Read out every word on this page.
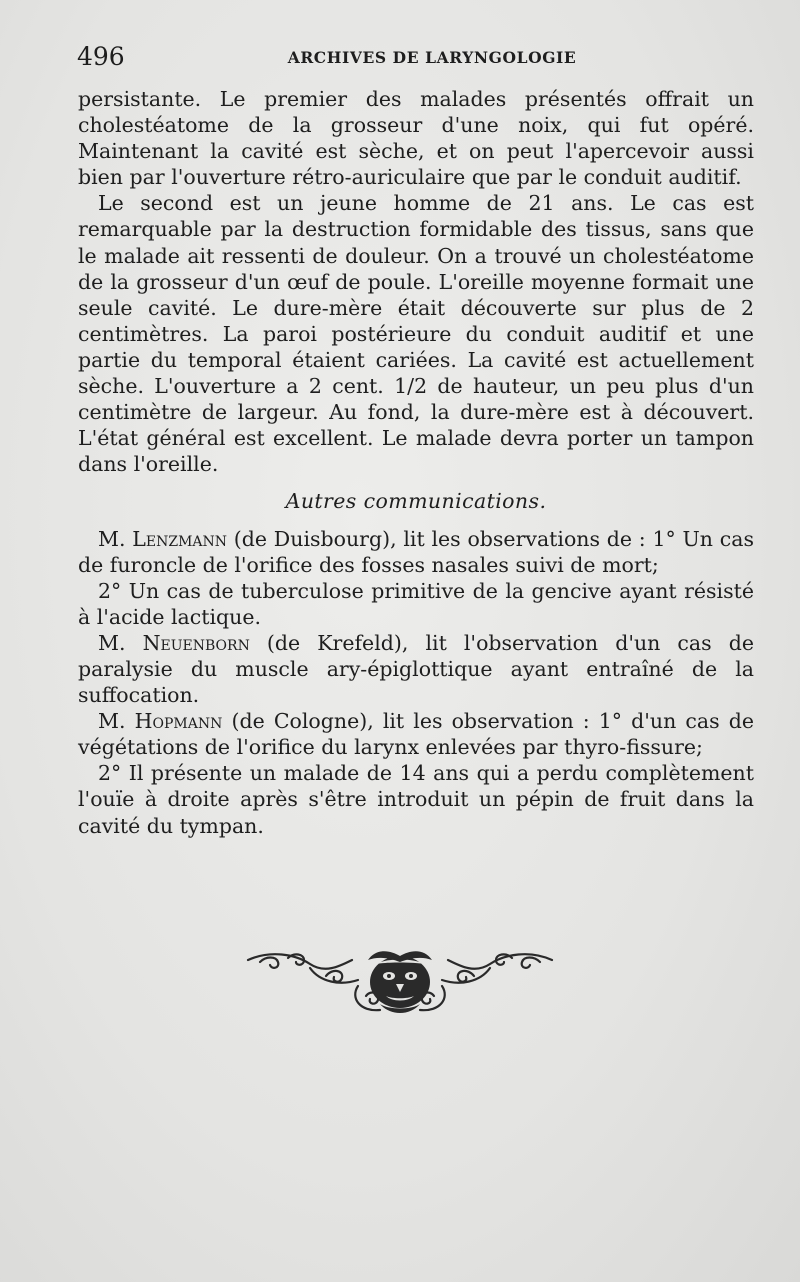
496	ARCHIVES DE LARYNGOLOGIE

persistante. Le premier des malades présentés offrait un cholestéatome de la grosseur d'une noix, qui fut opéré. Maintenant la cavité est sèche, et on peut l'apercevoir aussi bien par l'ouverture rétro-auriculaire que par le conduit auditif.

Le second est un jeune homme de 21 ans. Le cas est remarquable par la destruction formidable des tissus, sans que le malade ait ressenti de douleur. On a trouvé un cholestéatome de la grosseur d'un œuf de poule. L'oreille moyenne formait une seule cavité. Le dure-mère était découverte sur plus de 2 centimètres. La paroi postérieure du conduit auditif et une partie du temporal étaient cariées. La cavité est actuellement sèche. L'ouverture a 2 cent. 1/2 de hauteur, un peu plus d'un centimètre de largeur. Au fond, la dure-mère est à découvert. L'état général est excellent. Le malade devra porter un tampon dans l'oreille.

Autres communications.

M. Lenzmann (de Duisbourg), lit les observations de : 1° Un cas de furoncle de l'orifice des fosses nasales suivi de mort;

2° Un cas de tuberculose primitive de la gencive ayant résisté à l'acide lactique.

M. Neuenborn (de Krefeld), lit l'observation d'un cas de paralysie du muscle ary-épiglottique ayant entraîné de la suffocation.

M. Hopmann (de Cologne), lit les observation : 1° d'un cas de végétations de l'orifice du larynx enlevées par thyro-fissure;

2° Il présente un malade de 14 ans qui a perdu complètement l'ouïe à droite après s'être introduit un pépin de fruit dans la cavité du tympan.
